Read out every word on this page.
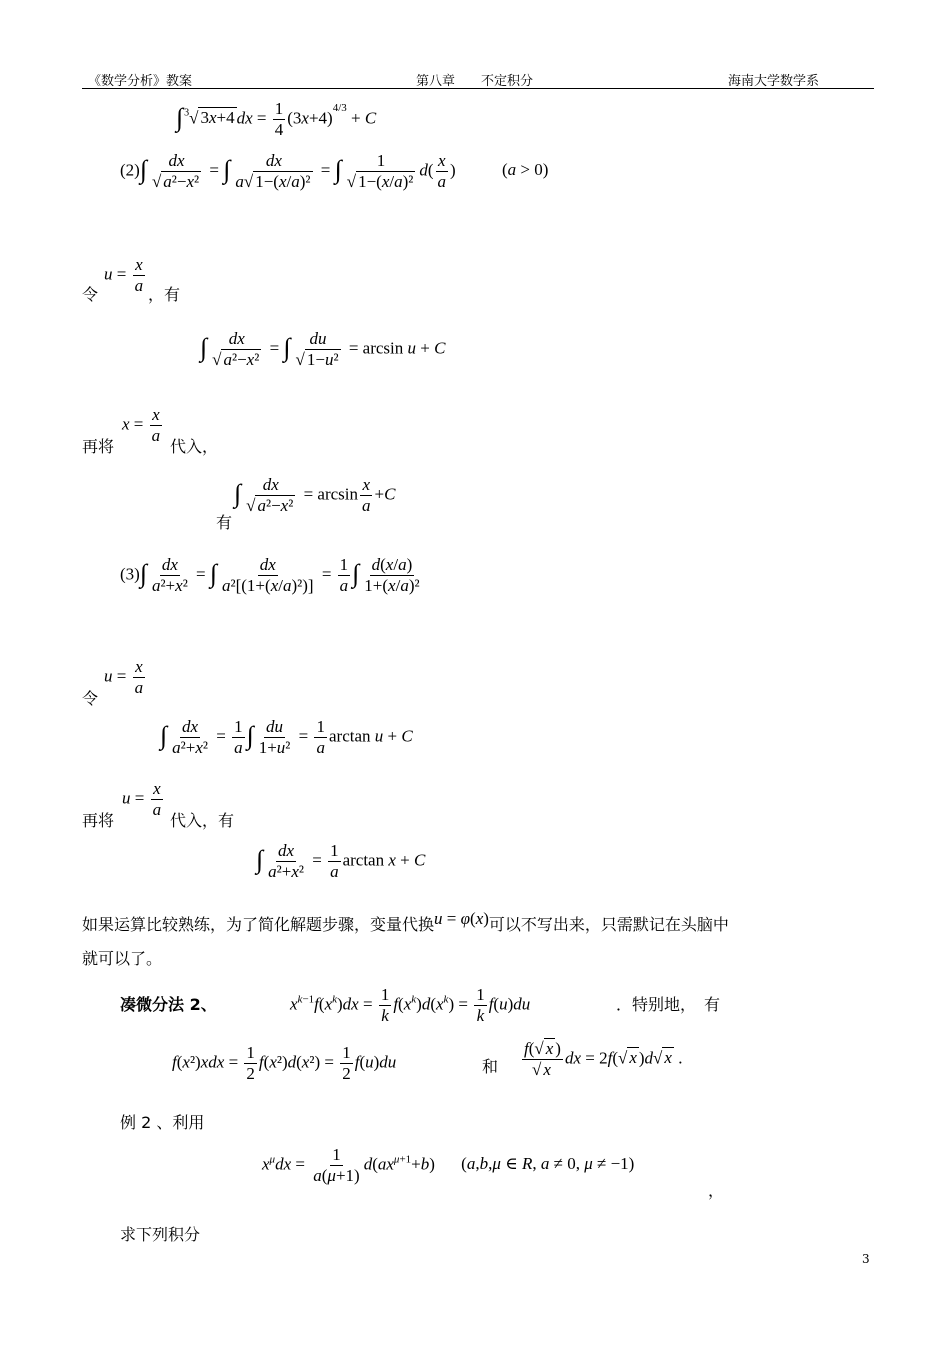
《数学分析》教案	第八章　　不定积分	海南大学数学系
∫$^3$√ 3x+4 dx = $\frac{1}{4} (3x+4)^{4/3} + C$
$(2)\int \frac{dx}{\text{√ a²−x²}}$ = ∫ $\frac{dx}{\text{a√ 1−(x/a)²}}$ = ∫ $\frac{1}{\text{√ 1−(x/a)²}} d( \frac{x}{a}$ ) (a > 0)
令
$u = \frac{x}{a}$ ，有
∫ $\frac{dx}{\text{√ a²−x²}}$ = ∫ $\frac{du}{\text{√ 1−u²}} = \arcsin u + C$
再将
$x = \frac{x}{a}$
代入，
有
∫ $\frac{dx}{\text{√ a²−x²}} = \arcsin \frac{x}{a} +C$
$(3)\int \frac{dx}{\text{a²+x²}}$ = ∫ $\frac{dx}{\text{a²[(1+(x/a)²)]}} = \frac{1}{a}$ ∫ $\frac{d(x/a)}{\text{1+(x/a)²}}$
令
$u = \frac{x}{a}$
∫ $\frac{dx}{\text{a²+x²}} = \frac{1}{a}$ ∫ $\frac{du}{\text{1+u²}} = \frac{1}{a}$ arctan u + C
再将
$u = \frac{x}{a}$
代入，有
∫ $\frac{dx}{\text{a²+x²}} = \frac{1}{a}$ arctan x + C
如果运算比较熟练，为了简化解题步骤，变量代换u = φ(x)可以不写出来，只需默记在头脑中
就可以了。
凑微分法 2、	$x^{k-1}f(x^k)dx = \frac{1}{k} f(x^k)d(x^k) = \frac{1}{k} f(u)du$	．特别地，　有
$f(x^2)xdx = \frac{1}{2} f(x^2)d(x^2) = \frac{1}{2} f(u)du$	和 $\frac{f(√ x )}{√ x}$ dx = 2f(√ x )d√ x .
例 2 、利用
$x^\mu dx = \frac{1}{a(\mu+1)} d(ax^{\mu+1}+b)$ (a,b,μ ∈ R, a ≠ 0, μ ≠ −1)
，
求下列积分
3
